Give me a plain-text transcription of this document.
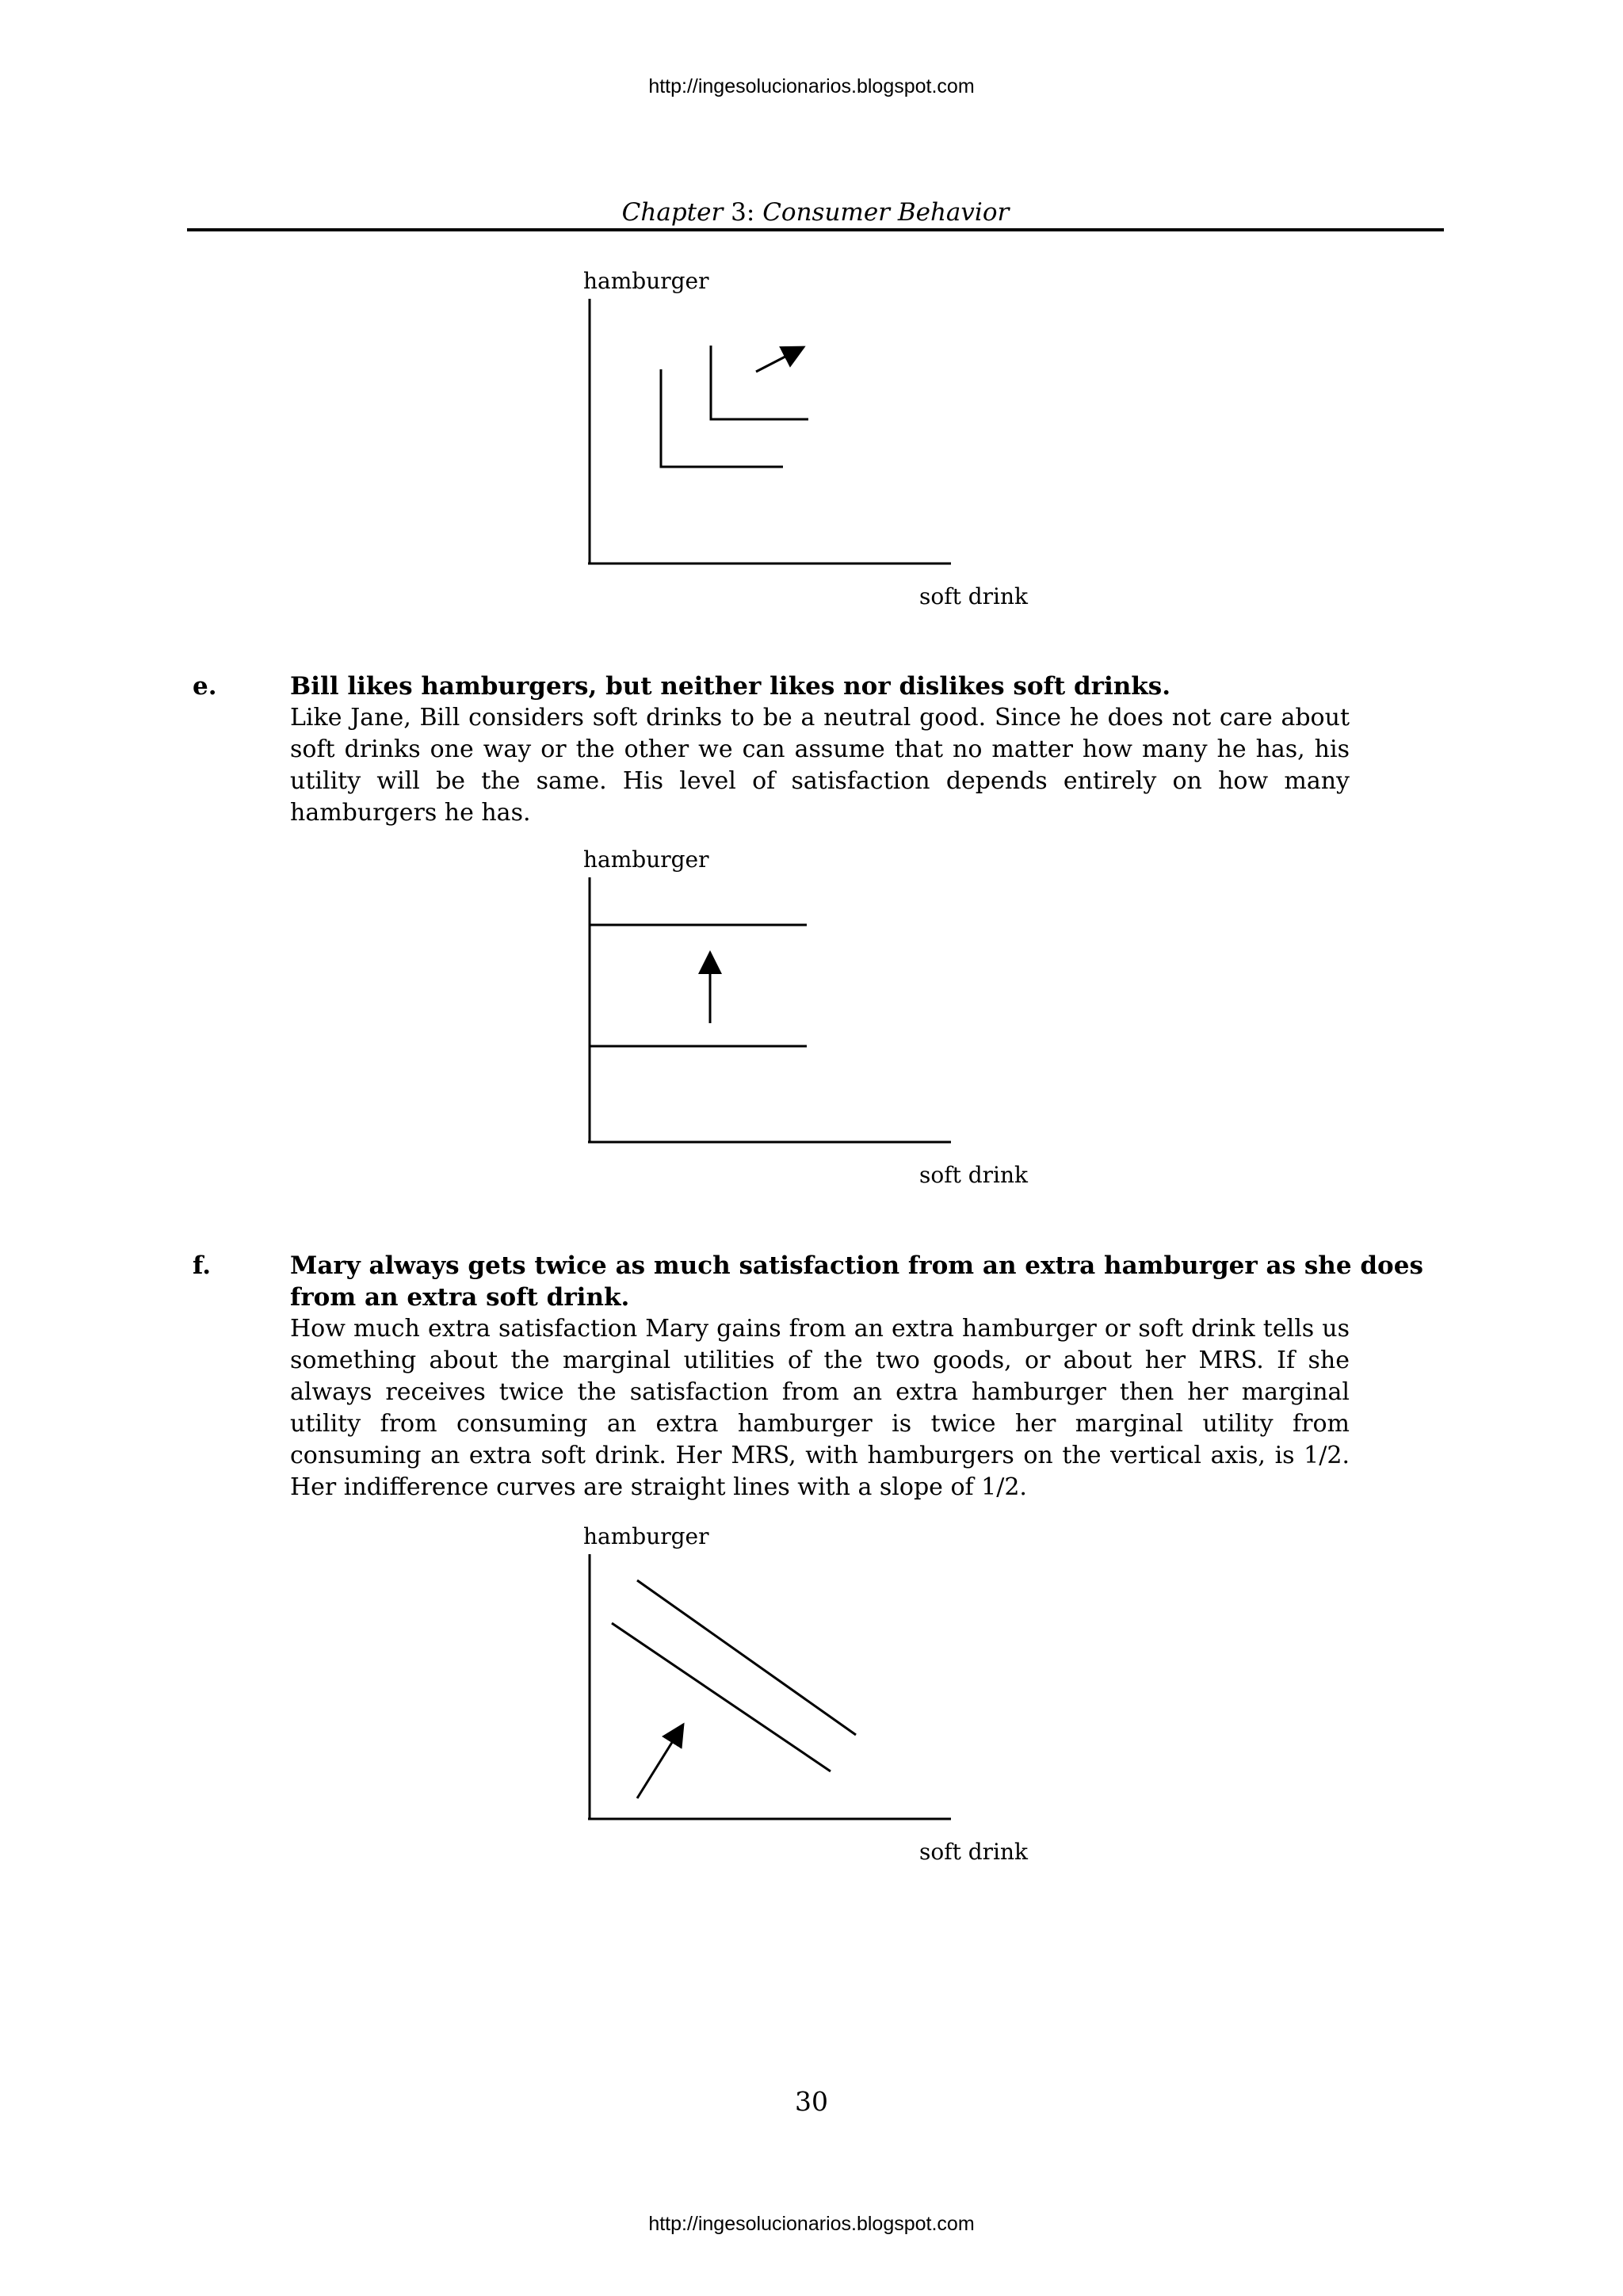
http://ingesolucionarios.blogspot.com
Chapter 3: Consumer Behavior
hamburger
soft drink
e.	Bill likes hamburgers, but neither likes nor dislikes soft drinks.
Like Jane, Bill considers soft drinks to be a neutral good. Since he does not care about soft drinks one way or the other we can assume that no matter how many he has, his utility will be the same. His level of satisfaction depends entirely on how many hamburgers he has.
hamburger
soft drink
f.	Mary always gets twice as much satisfaction from an extra hamburger as she does from an extra soft drink.
How much extra satisfaction Mary gains from an extra hamburger or soft drink tells us something about the marginal utilities of the two goods, or about her MRS. If she always receives twice the satisfaction from an extra hamburger then her marginal utility from consuming an extra hamburger is twice her marginal utility from consuming an extra soft drink. Her MRS, with hamburgers on the vertical axis, is 1/2. Her indifference curves are straight lines with a slope of 1/2.
hamburger
soft drink
30
http://ingesolucionarios.blogspot.com
